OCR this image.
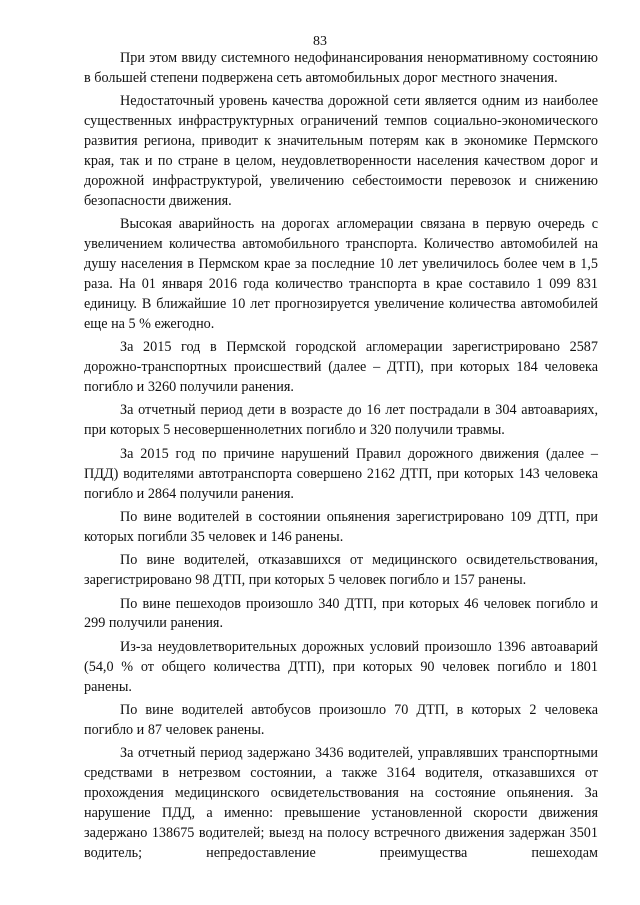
83

При этом ввиду системного недофинансирования ненормативному состоянию в большей степени подвержена сеть автомобильных дорог местного значения.

Недостаточный уровень качества дорожной сети является одним из наиболее существенных инфраструктурных ограничений темпов социально-экономического развития региона, приводит к значительным потерям как в экономике Пермского края, так и по стране в целом, неудовлетворенности населения качеством дорог и дорожной инфраструктурой, увеличению себестоимости перевозок и снижению безопасности движения.

Высокая аварийность на дорогах агломерации связана в первую очередь с увеличением количества автомобильного транспорта. Количество автомобилей на душу населения в Пермском крае за последние 10 лет увеличилось более чем в 1,5 раза. На 01 января 2016 года количество транспорта в крае составило 1 099 831 единицу. В ближайшие 10 лет прогнозируется увеличение количества автомобилей еще на 5 % ежегодно.

За 2015 год в Пермской городской агломерации зарегистрировано 2587 дорожно-транспортных происшествий (далее – ДТП), при которых 184 человека погибло и 3260 получили ранения.

За отчетный период дети в возрасте до 16 лет пострадали в 304 автоавариях, при которых 5 несовершеннолетних погибло и 320 получили травмы.

За 2015 год по причине нарушений Правил дорожного движения (далее – ПДД) водителями автотранспорта совершено 2162 ДТП, при которых 143 человека погибло и 2864 получили ранения.

По вине водителей в состоянии опьянения зарегистрировано 109 ДТП, при которых погибли 35 человек и 146 ранены.

По вине водителей, отказавшихся от медицинского освидетельствования, зарегистрировано 98 ДТП, при которых 5 человек погибло и 157 ранены.

По вине пешеходов произошло 340 ДТП, при которых 46 человек погибло и 299 получили ранения.

Из-за неудовлетворительных дорожных условий произошло 1396 автоаварий (54,0 % от общего количества ДТП), при которых 90 человек погибло и 1801 ранены.

По вине водителей автобусов произошло 70 ДТП, в которых 2 человека погибло и 87 человек ранены.

За отчетный период задержано 3436 водителей, управлявших транспортными средствами в нетрезвом состоянии, а также 3164 водителя, отказавшихся от прохождения медицинского освидетельствования на состояние опьянения. За нарушение ПДД, а именно: превышение установленной скорости движения задержано 138675 водителей; выезд на полосу встречного движения задержан 3501 водитель; непредоставление преимущества пешеходам
